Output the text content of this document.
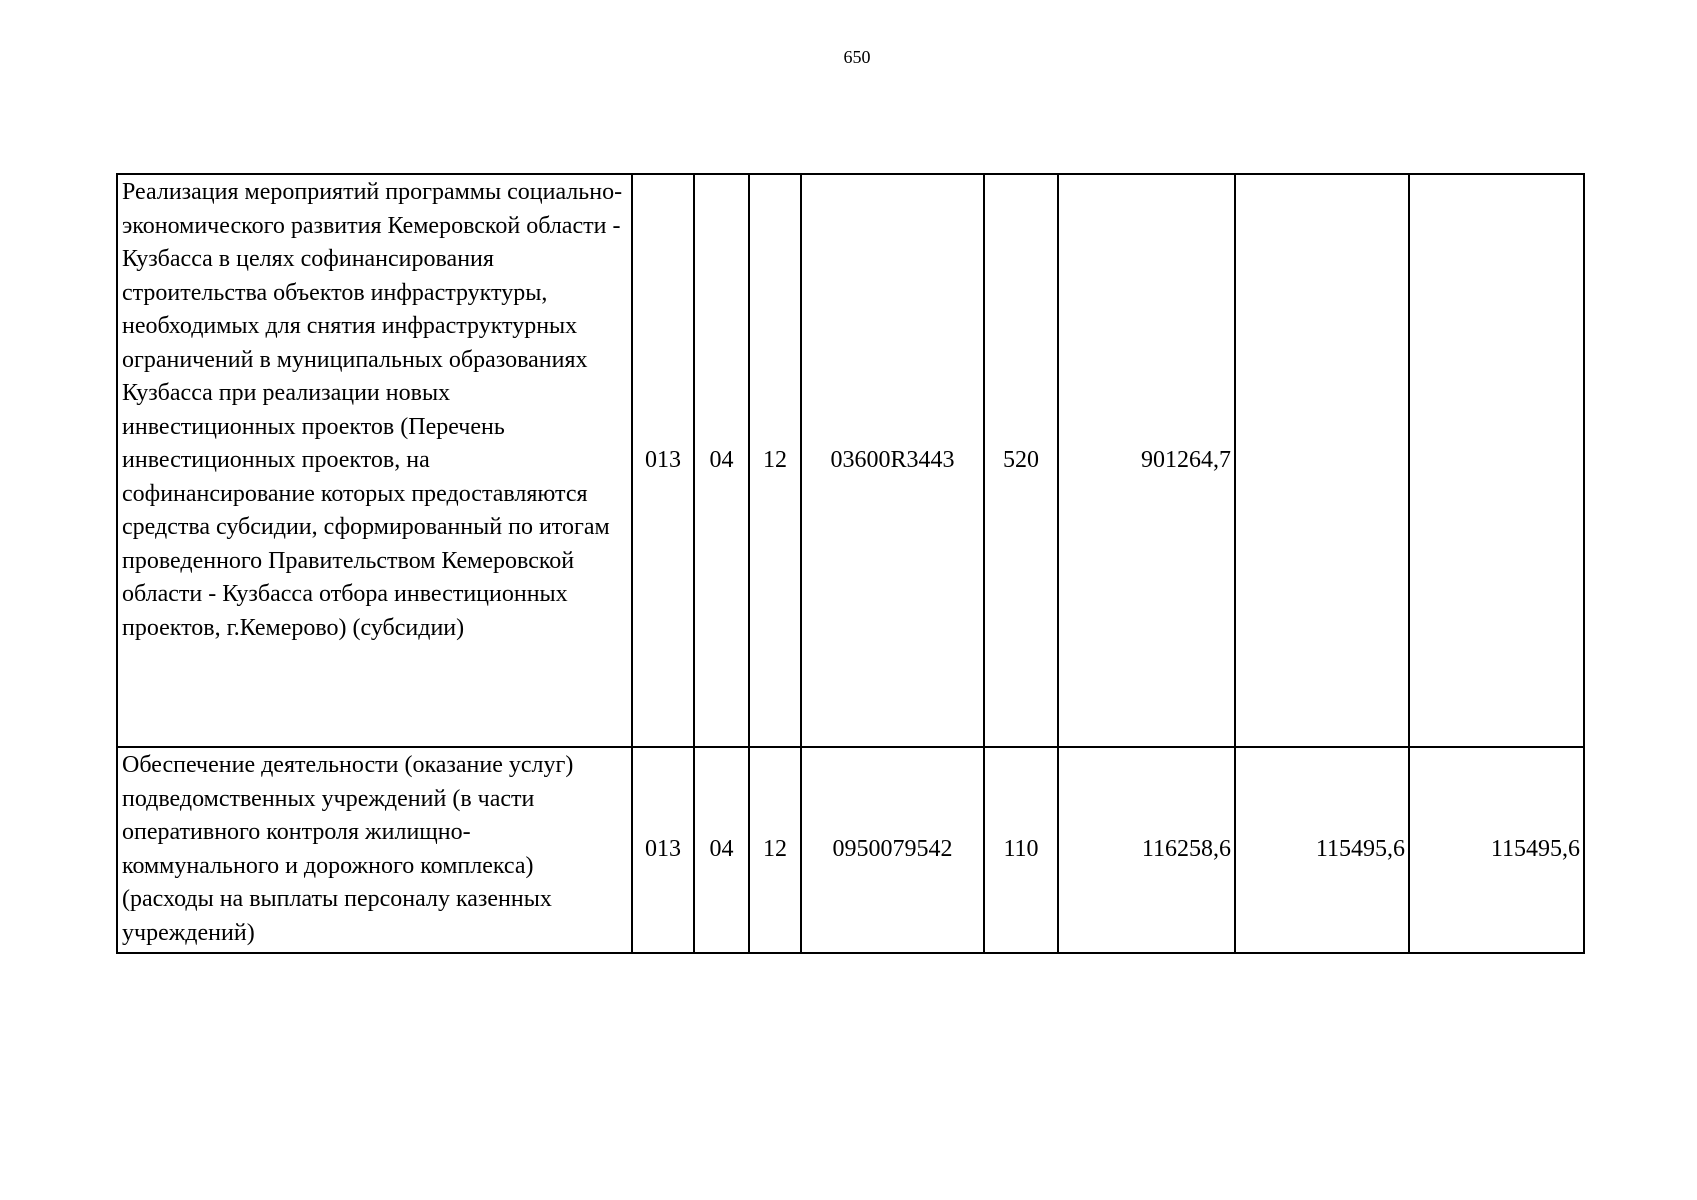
650
Реализация мероприятий программы социально-экономического развития Кемеровской области - Кузбасса в целях софинансирования строительства объектов инфраструктуры, необходимых для снятия инфраструктурных ограничений в муниципальных образованиях Кузбасса при реализации новых инвестиционных проектов (Перечень инвестиционных проектов, на софинансирование которых предоставляются средства субсидии, сформированный по итогам проведенного Правительством Кемеровской области - Кузбасса отбора инвестиционных проектов, г.Кемерово) (субсидии)	013	04	12	03600R3443	520	901264,7		
Обеспечение деятельности (оказание услуг) подведомственных учреждений (в части оперативного контроля жилищно-коммунального и дорожного комплекса) (расходы на выплаты персоналу казенных учреждений)	013	04	12	0950079542	110	116258,6	115495,6	115495,6
